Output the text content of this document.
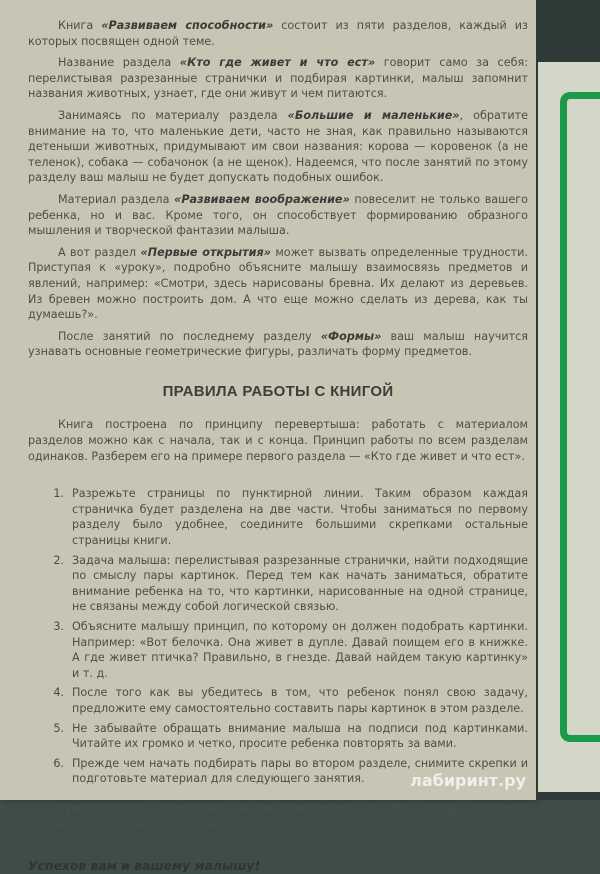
Книга «Развиваем способности» состоит из пяти разделов, каждый из которых посвящен одной теме.

Название раздела «Кто где живет и что ест» говорит само за себя: перелистывая разрезанные странички и подбирая картинки, малыш запомнит названия животных, узнает, где они живут и чем питаются.

Занимаясь по материалу раздела «Большие и маленькие», обратите внимание на то, что маленькие дети, часто не зная, как правильно называются детеныши животных, придумывают им свои названия: корова — коровенок (а не теленок), собака — собачонок (а не щенок). Надеемся, что после занятий по этому разделу ваш малыш не будет допускать подобных ошибок.

Материал раздела «Развиваем воображение» повеселит не только вашего ребенка, но и вас. Кроме того, он способствует формированию образного мышления и творческой фантазии малыша.

А вот раздел «Первые открытия» может вызвать определенные трудности. Приступая к «уроку», подробно объясните малышу взаимосвязь предметов и явлений, например: «Смотри, здесь нарисованы бревна. Их делают из деревьев. Из бревен можно построить дом. А что еще можно сделать из дерева, как ты думаешь?».

После занятий по последнему разделу «Формы» ваш малыш научится узнавать основные геометрические фигуры, различать форму предметов.

ПРАВИЛА РАБОТЫ С КНИГОЙ

Книга построена по принципу перевертыша: работать с материалом разделов можно как с начала, так и с конца. Принцип работы по всем разделам одинаков. Разберем его на примере первого раздела — «Кто где живет и что ест».

1. Разрежьте страницы по пунктирной линии. Таким образом каждая страничка будет разделена на две части. Чтобы заниматься по первому разделу было удобнее, соедините большими скрепками остальные страницы книги.
2. Задача малыша: перелистывая разрезанные странички, найти подходящие по смыслу пары картинок. Перед тем как начать заниматься, обратите внимание ребенка на то, что картинки, нарисованные на одной странице, не связаны между собой логической связью.
3. Объясните малышу принцип, по которому он должен подобрать картинки. Например: «Вот белочка. Она живет в дупле. Давай поищем его в книжке. А где живет птичка? Правильно, в гнезде. Давай найдем такую картинку» и т. д.
4. После того как вы убедитесь в том, что ребенок понял свою задачу, предложите ему самостоятельно составить пары картинок в этом разделе.
5. Не забывайте обращать внимание малыша на подписи под картинками. Читайте их громко и четко, просите ребенка повторять за вами.
6. Прежде чем начать подбирать пары во втором разделе, снимите скрепки и подготовьте материал для следующего занятия.

Руководствуясь описанным выше принципом, вы без труда составите логические цепочки в остальных разделах.

Успехов вам и вашему малышу!
лабиринт.ру
